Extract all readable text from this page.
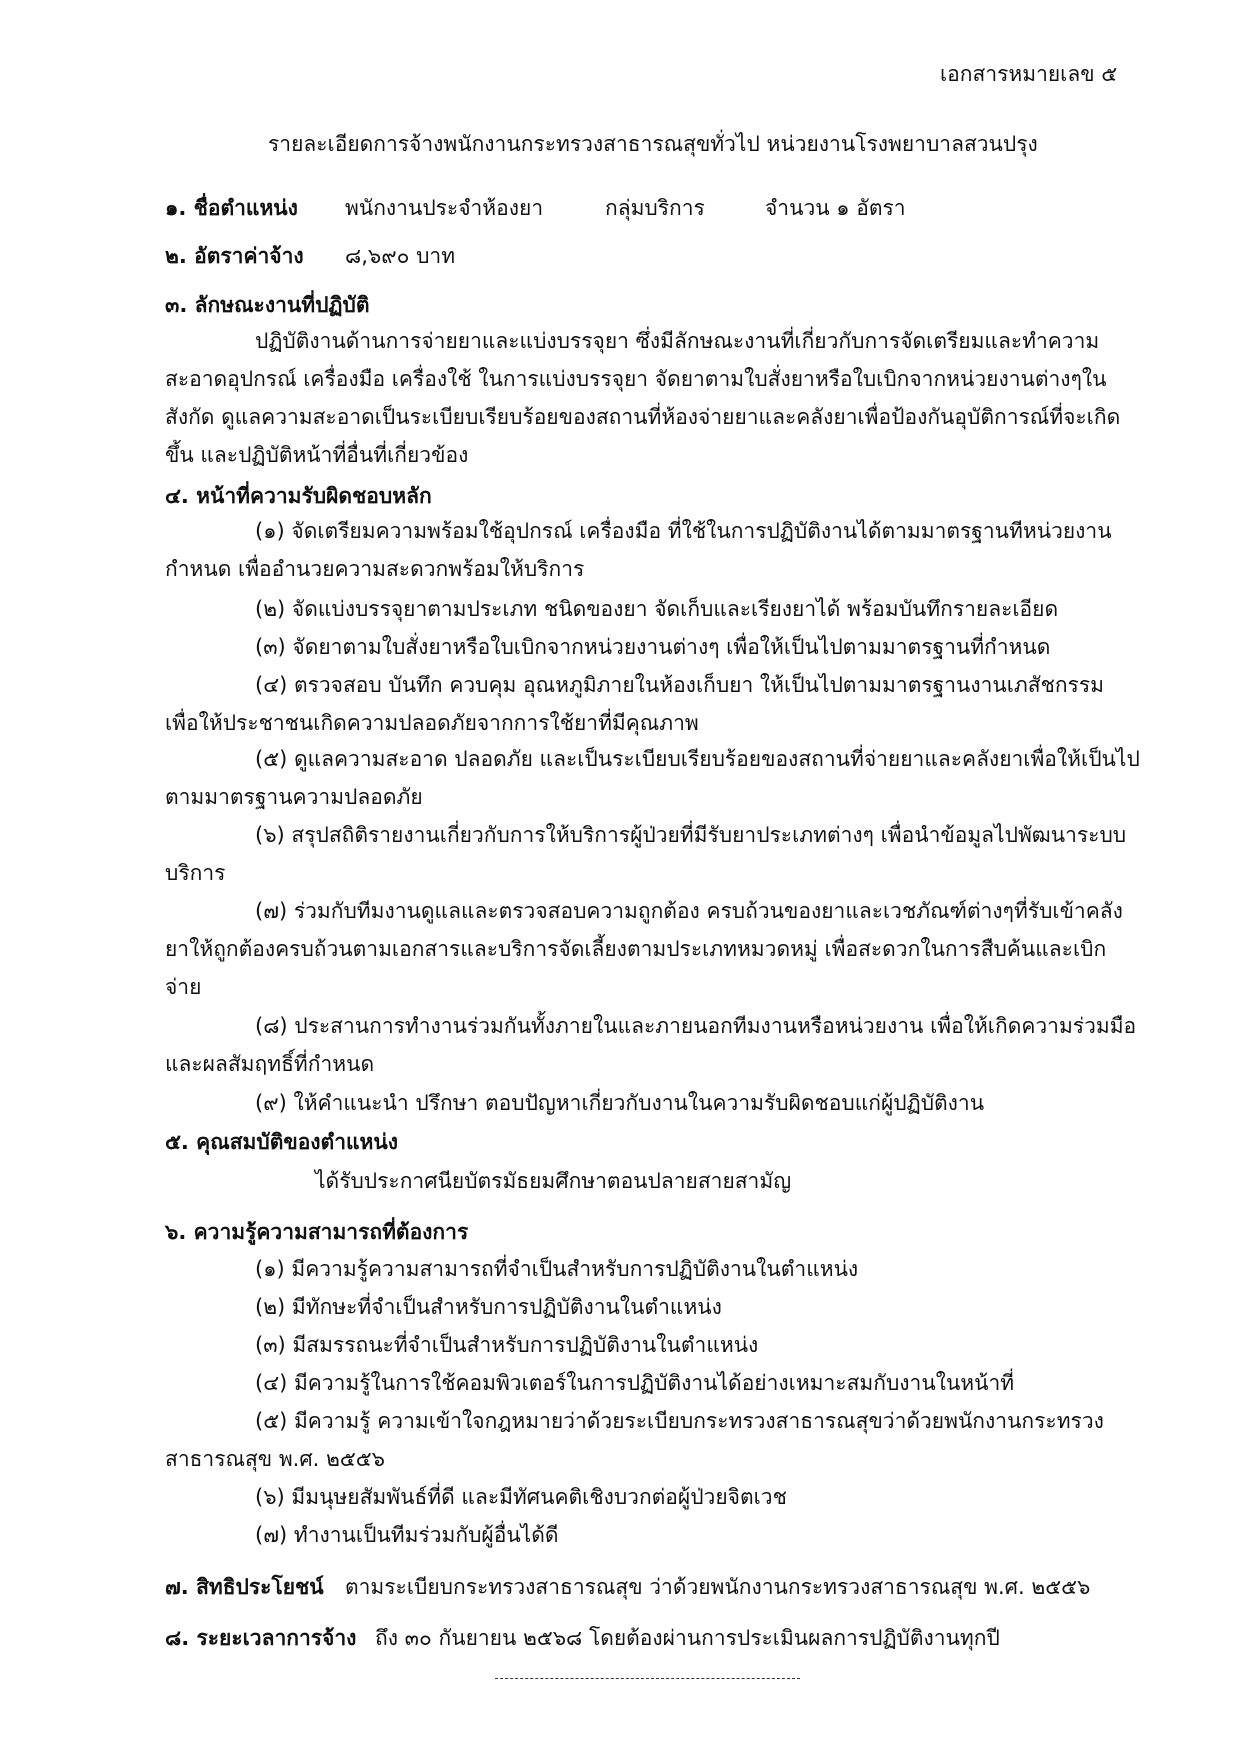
เอกสารหมายเลข ๕
รายละเอียดการจ้างพนักงานกระทรวงสาธารณสุขทั่วไป หน่วยงานโรงพยาบาลสวนปรุง
๑. ชื่อตำแหน่ง พนักงานประจำห้องยา	กลุ่มบริการ	จำนวน ๑ อัตรา
๒. อัตราค่าจ้าง ๘,๖๙๐ บาท
๓. ลักษณะงานที่ปฏิบัติ
ปฏิบัติงานด้านการจ่ายยาและแบ่งบรรจุยา ซึ่งมีลักษณะงานที่เกี่ยวกับการจัดเตรียมและทำความสะอาดอุปกรณ์ เครื่องมือ เครื่องใช้ ในการแบ่งบรรจุยา จัดยาตามใบสั่งยาหรือใบเบิกจากหน่วยงานต่างๆในสังกัด ดูแลความสะอาดเป็นระเบียบเรียบร้อยของสถานที่ห้องจ่ายยาและคลังยาเพื่อป้องกันอุบัติการณ์ที่จะเกิดขึ้น และปฏิบัติหน้าที่อื่นที่เกี่ยวข้อง
๔. หน้าที่ความรับผิดชอบหลัก
(๑) จัดเตรียมความพร้อมใช้อุปกรณ์ เครื่องมือ ที่ใช้ในการปฏิบัติงานได้ตามมาตรฐานทีหน่วยงานกำหนด เพื่ออำนวยความสะดวกพร้อมให้บริการ
(๒) จัดแบ่งบรรจุยาตามประเภท ชนิดของยา จัดเก็บและเรียงยาได้ พร้อมบันทึกรายละเอียด
(๓) จัดยาตามใบสั่งยาหรือใบเบิกจากหน่วยงานต่างๆ เพื่อให้เป็นไปตามมาตรฐานที่กำหนด
(๔) ตรวจสอบ บันทึก ควบคุม อุณหภูมิภายในห้องเก็บยา ให้เป็นไปตามมาตรฐานงานเภสัชกรรม เพื่อให้ประชาชนเกิดความปลอดภัยจากการใช้ยาที่มีคุณภาพ
(๕) ดูแลความสะอาด ปลอดภัย และเป็นระเบียบเรียบร้อยของสถานที่จ่ายยาและคลังยาเพื่อให้เป็นไปตามมาตรฐานความปลอดภัย
(๖) สรุปสถิติรายงานเกี่ยวกับการให้บริการผู้ป่วยที่มีรับยาประเภทต่างๆ เพื่อนำข้อมูลไปพัฒนาระบบบริการ
(๗) ร่วมกับทีมงานดูแลและตรวจสอบความถูกต้อง ครบถ้วนของยาและเวชภัณฑ์ต่างๆที่รับเข้าคลังยาให้ถูกต้องครบถ้วนตามเอกสารและบริการจัดเลี้ยงตามประเภทหมวดหมู่ เพื่อสะดวกในการสืบค้นและเบิกจ่าย
(๘) ประสานการทำงานร่วมกันทั้งภายในและภายนอกทีมงานหรือหน่วยงาน เพื่อให้เกิดความร่วมมือและผลสัมฤทธิ์ที่กำหนด
(๙) ให้คำแนะนำ ปรึกษา ตอบปัญหาเกี่ยวกับงานในความรับผิดชอบแก่ผู้ปฏิบัติงาน
๕. คุณสมบัติของตำแหน่ง
ได้รับประกาศนียบัตรมัธยมศึกษาตอนปลายสายสามัญ
๖. ความรู้ความสามารถที่ต้องการ
(๑) มีความรู้ความสามารถที่จำเป็นสำหรับการปฏิบัติงานในตำแหน่ง
(๒) มีทักษะที่จำเป็นสำหรับการปฏิบัติงานในตำแหน่ง
(๓) มีสมรรถนะที่จำเป็นสำหรับการปฏิบัติงานในตำแหน่ง
(๔) มีความรู้ในการใช้คอมพิวเตอร์ในการปฏิบัติงานได้อย่างเหมาะสมกับงานในหน้าที่
(๕) มีความรู้ ความเข้าใจกฎหมายว่าด้วยระเบียบกระทรวงสาธารณสุขว่าด้วยพนักงานกระทรวงสาธารณสุข พ.ศ. ๒๕๕๖
(๖) มีมนุษยสัมพันธ์ที่ดี และมีทัศนคติเชิงบวกต่อผู้ป่วยจิตเวช
(๗) ทำงานเป็นทีมร่วมกับผู้อื่นได้ดี
๗. สิทธิประโยชน์ ตามระเบียบกระทรวงสาธารณสุข ว่าด้วยพนักงานกระทรวงสาธารณสุข พ.ศ. ๒๕๕๖
๘. ระยะเวลาการจ้าง ถึง ๓๐ กันยายน ๒๕๖๘ โดยต้องผ่านการประเมินผลการปฏิบัติงานทุกปี
